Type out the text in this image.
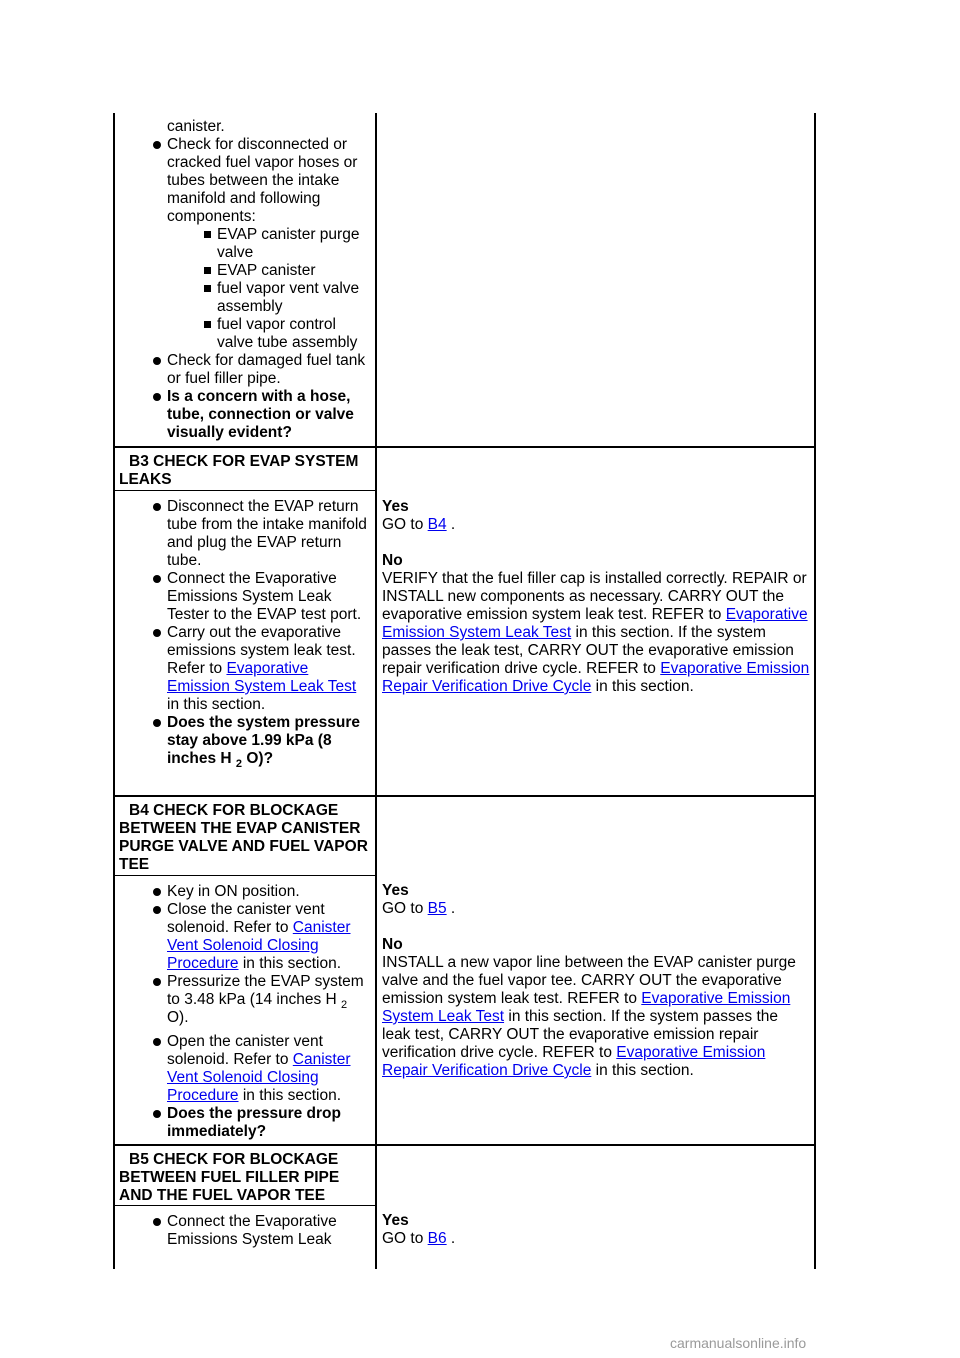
canister.
Check for disconnected or cracked fuel vapor hoses or tubes between the intake manifold and following components:
EVAP canister purge valve
EVAP canister
fuel vapor vent valve assembly
fuel vapor control valve tube assembly
Check for damaged fuel tank or fuel filler pipe.
Is a concern with a hose, tube, connection or valve visually evident?
B3 CHECK FOR EVAP SYSTEM LEAKS
Disconnect the EVAP return tube from the intake manifold and plug the EVAP return tube.
Connect the Evaporative Emissions System Leak Tester to the EVAP test port.
Carry out the evaporative emissions system leak test. Refer to Evaporative Emission System Leak Test in this section.
Does the system pressure stay above 1.99 kPa (8 inches H $_2$ O)?

Yes

GO to B4 .

No

VERIFY that the fuel filler cap is installed correctly. REPAIR or INSTALL new components as necessary. CARRY OUT the evaporative emission system leak test. REFER to Evaporative Emission System Leak Test in this section. If the system passes the leak test, CARRY OUT the evaporative emission repair verification drive cycle. REFER to Evaporative Emission Repair Verification Drive Cycle in this section.

B4 CHECK FOR BLOCKAGE BETWEEN THE EVAP CANISTER PURGE VALVE AND FUEL VAPOR TEE
Key in ON position.
Close the canister vent solenoid. Refer to Canister Vent Solenoid Closing Procedure in this section.
Pressurize the EVAP system to 3.48 kPa (14 inches H $_2$ O).
Open the canister vent solenoid. Refer to Canister Vent Solenoid Closing Procedure in this section.
Does the pressure drop immediately?

Yes

GO to B5 .

No

INSTALL a new vapor line between the EVAP canister purge valve and the fuel vapor tee. CARRY OUT the evaporative emission system leak test. REFER to Evaporative Emission System Leak Test in this section. If the system passes the leak test, CARRY OUT the evaporative emission repair verification drive cycle. REFER to Evaporative Emission Repair Verification Drive Cycle in this section.

B5 CHECK FOR BLOCKAGE BETWEEN FUEL FILLER PIPE AND THE FUEL VAPOR TEE
Connect the Evaporative Emissions System Leak

Yes

GO to B6 .

carmanualsonline.info
